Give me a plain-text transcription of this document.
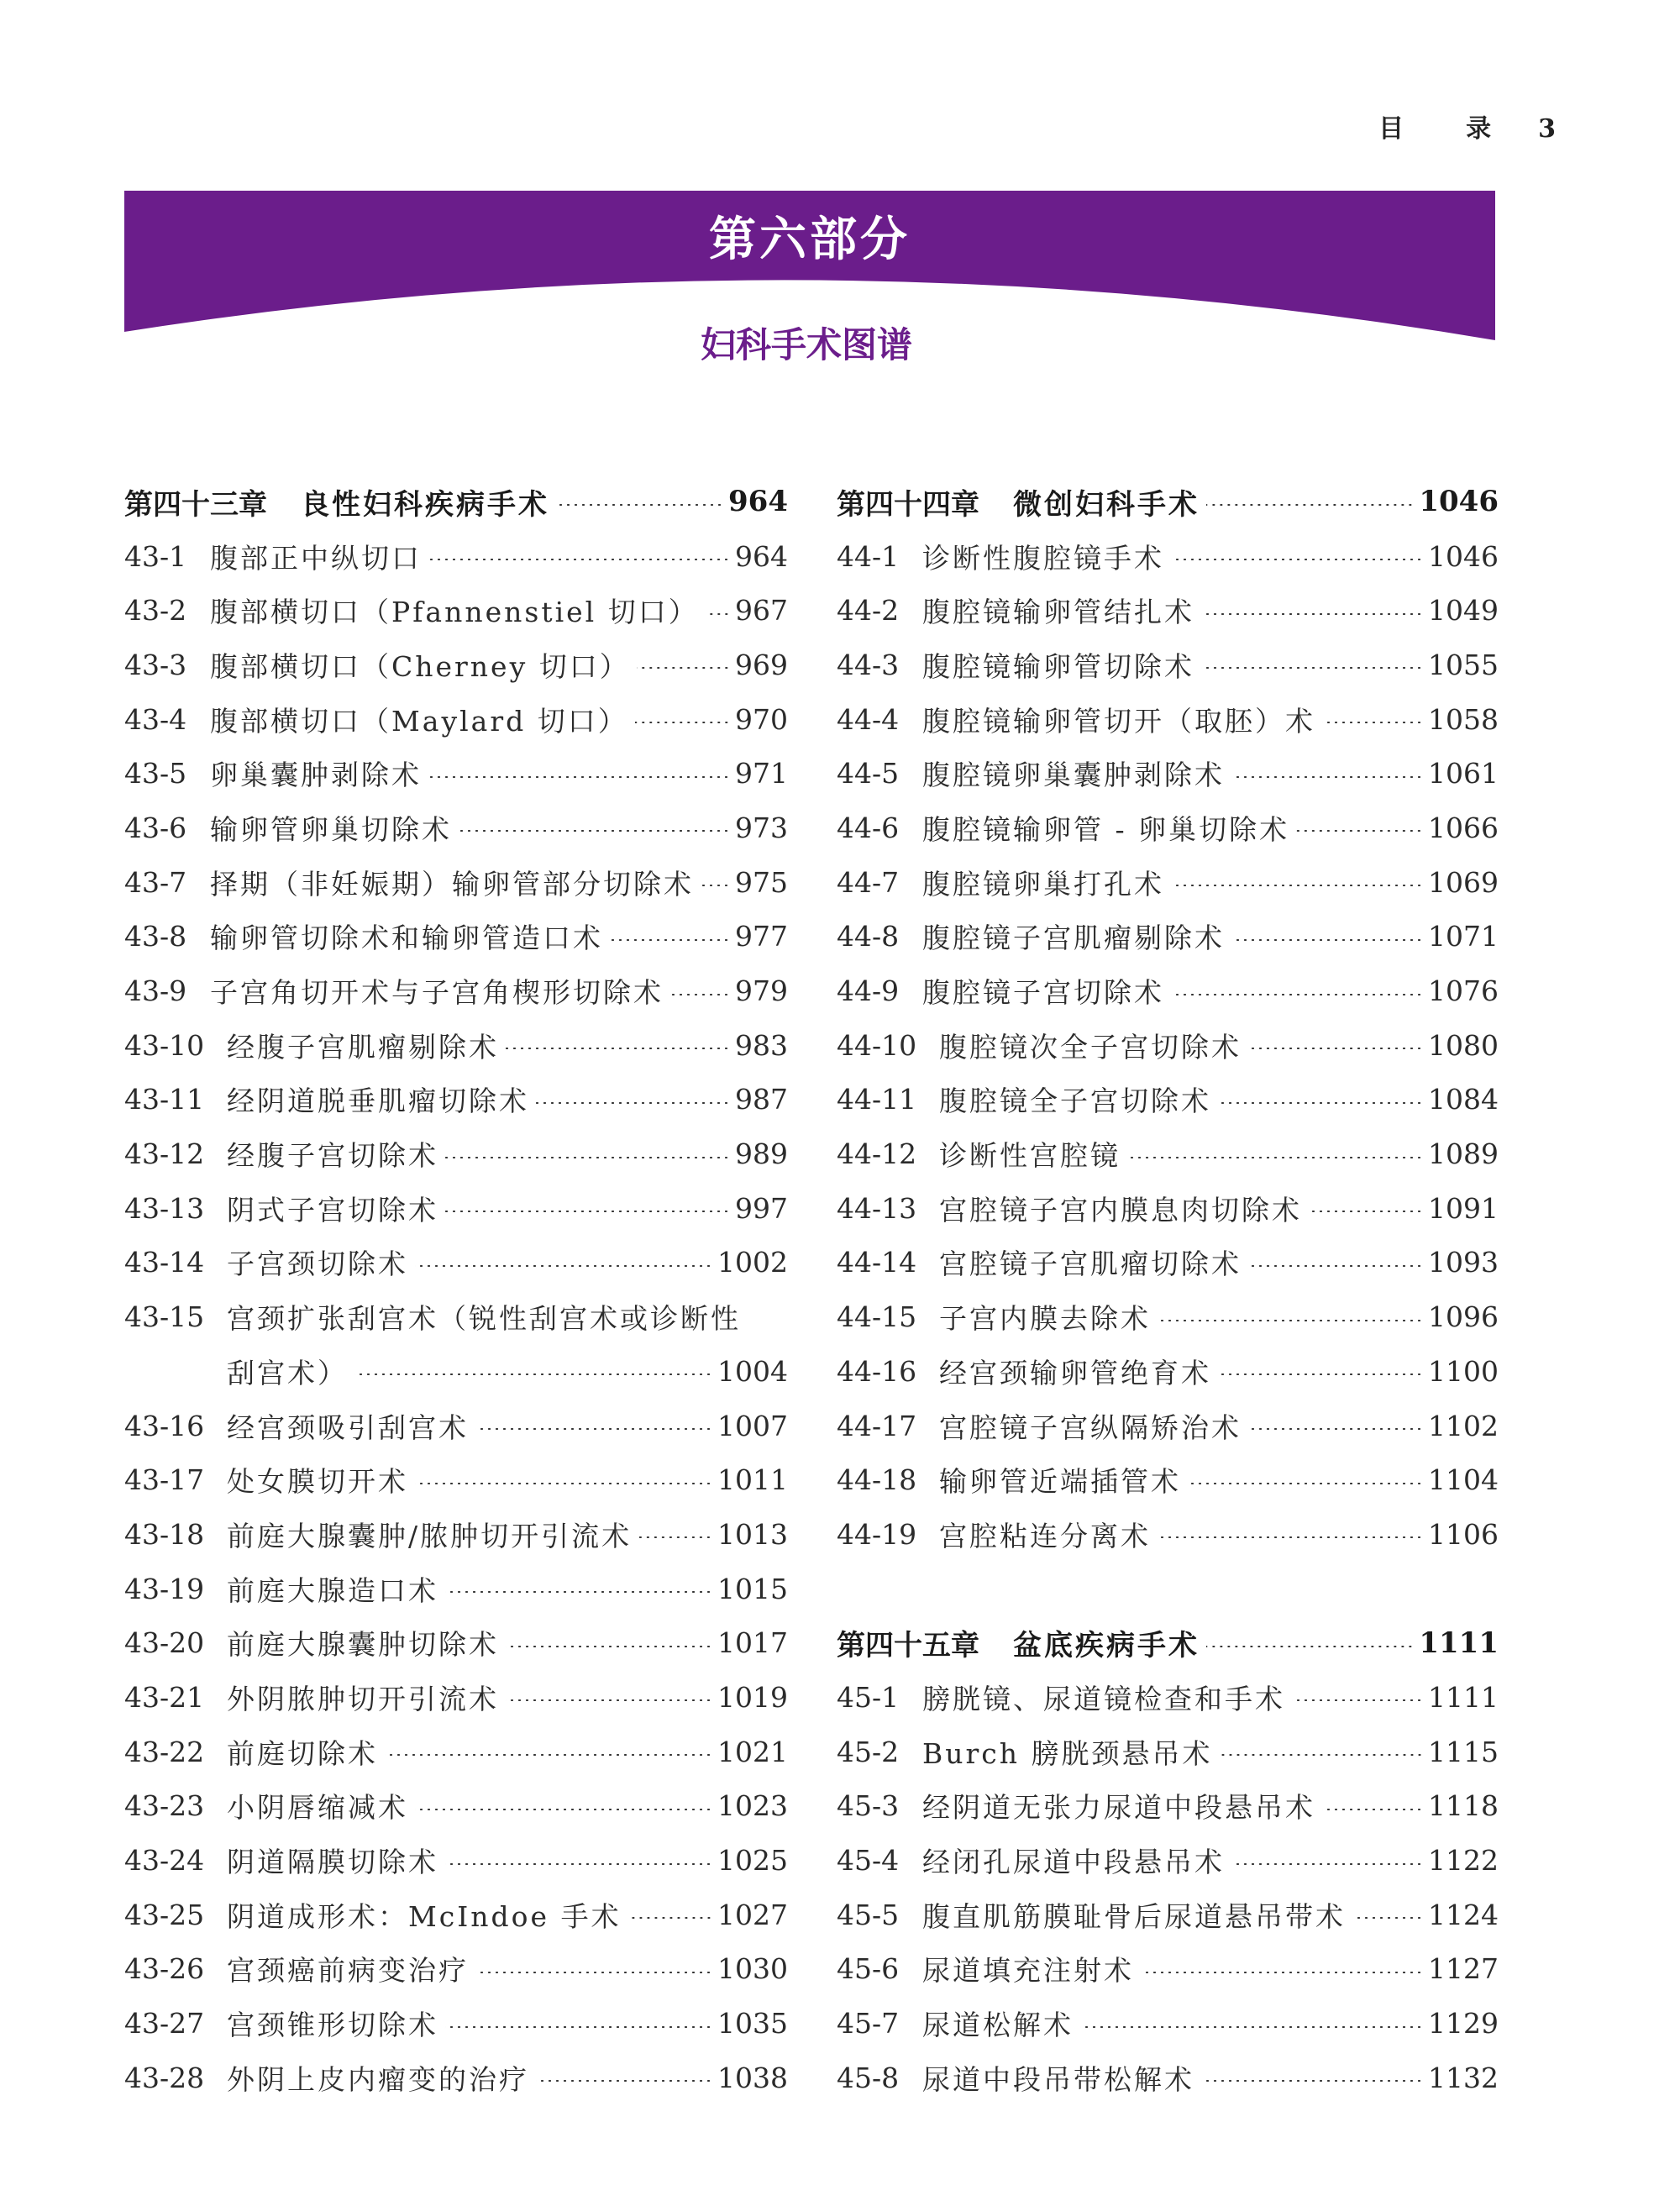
目　录 3
第六部分
妇科手术图谱
第四十三章 良性妇科疾病手术	964
43-1 腹部正中纵切口	964
43-2 腹部横切口（Pfannenstiel 切口） 967
43-3 腹部横切口（Cherney 切口）	969
43-4 腹部横切口（Maylard 切口）	970
43-5 卵巢囊肿剥除术	971
43-6 输卵管卵巢切除术	973
43-7 择期（非妊娠期）输卵管部分切除术 975
43-8 输卵管切除术和输卵管造口术	977
43-9 子宫角切开术与子宫角楔形切除术	979
43-10 经腹子宫肌瘤剔除术	983
43-11 经阴道脱垂肌瘤切除术	987
43-12 经腹子宫切除术	989
43-13 阴式子宫切除术	997
43-14 子宫颈切除术	1002
43-15 宫颈扩张刮宫术（锐性刮宫术或诊断性
刮宫术）	1004
43-16 经宫颈吸引刮宫术	1007
43-17 处女膜切开术	1011
43-18 前庭大腺囊肿/脓肿切开引流术	1013
43-19 前庭大腺造口术	1015
43-20 前庭大腺囊肿切除术	1017
43-21 外阴脓肿切开引流术	1019
43-22 前庭切除术	1021
43-23 小阴唇缩减术	1023
43-24 阴道隔膜切除术	1025
43-25 阴道成形术：McIndoe 手术	1027
43-26 宫颈癌前病变治疗	1030
43-27 宫颈锥形切除术	1035
43-28 外阴上皮内瘤变的治疗	1038
第四十四章 微创妇科手术	1046
44-1 诊断性腹腔镜手术	1046
44-2 腹腔镜输卵管结扎术	1049
44-3 腹腔镜输卵管切除术	1055
44-4 腹腔镜输卵管切开（取胚）术	1058
44-5 腹腔镜卵巢囊肿剥除术	1061
44-6 腹腔镜输卵管 - 卵巢切除术	1066
44-7 腹腔镜卵巢打孔术	1069
44-8 腹腔镜子宫肌瘤剔除术	1071
44-9 腹腔镜子宫切除术	1076
44-10 腹腔镜次全子宫切除术	1080
44-11 腹腔镜全子宫切除术	1084
44-12 诊断性宫腔镜	1089
44-13 宫腔镜子宫内膜息肉切除术	1091
44-14 宫腔镜子宫肌瘤切除术	1093
44-15 子宫内膜去除术	1096
44-16 经宫颈输卵管绝育术	1100
44-17 宫腔镜子宫纵隔矫治术	1102
44-18 输卵管近端插管术	1104
44-19 宫腔粘连分离术	1106
第四十五章 盆底疾病手术	1111
45-1 膀胱镜、尿道镜检查和手术	1111
45-2 Burch 膀胱颈悬吊术	1115
45-3 经阴道无张力尿道中段悬吊术	1118
45-4 经闭孔尿道中段悬吊术	1122
45-5 腹直肌筋膜耻骨后尿道悬吊带术	1124
45-6 尿道填充注射术	1127
45-7 尿道松解术	1129
45-8 尿道中段吊带松解术	1132
